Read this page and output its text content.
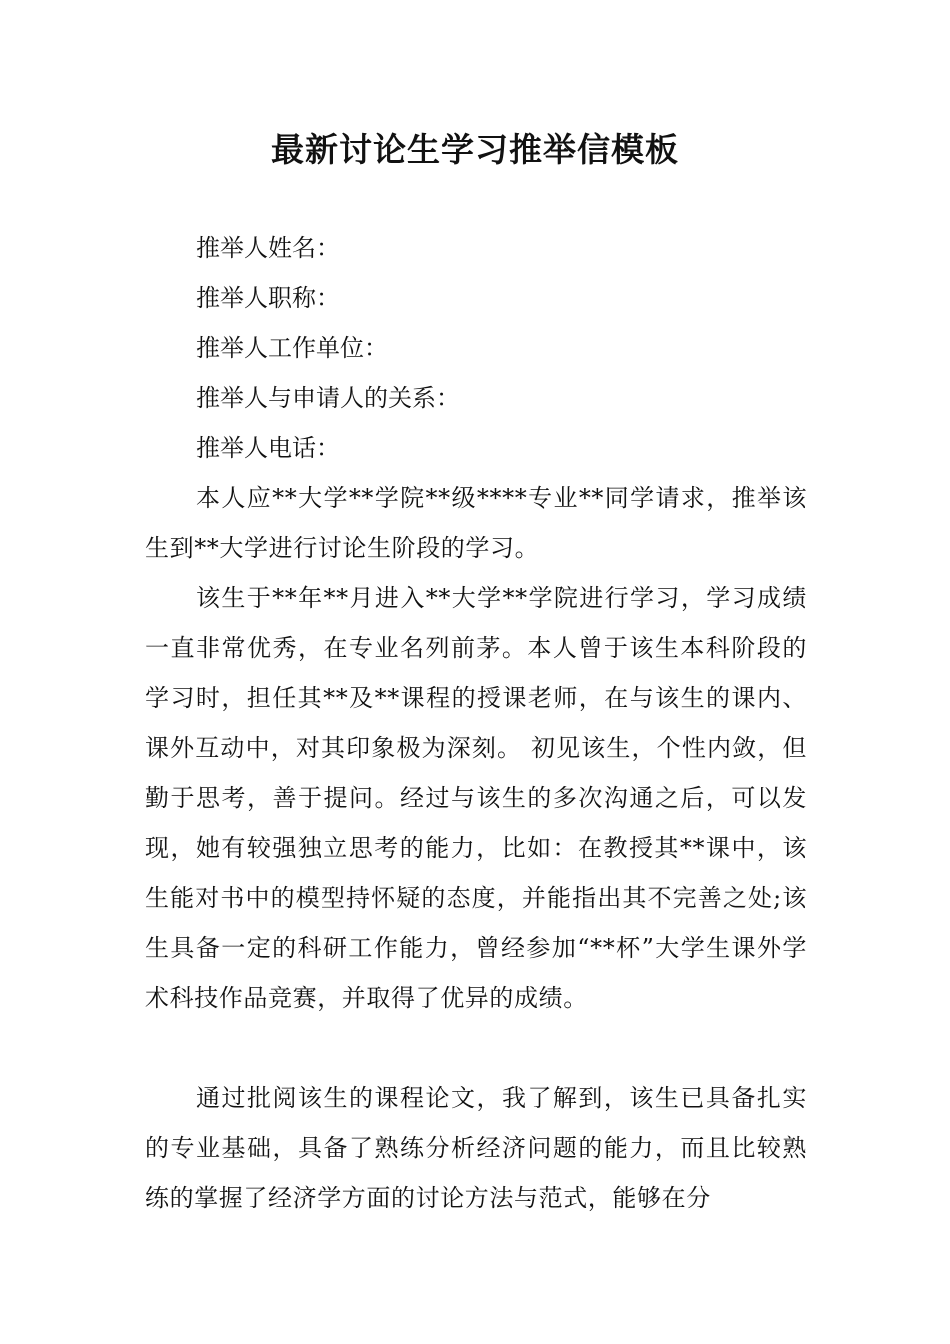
最新讨论生学习推举信模板
推举人姓名：
推举人职称：
推举人工作单位：
推举人与申请人的关系：
推举人电话：
本人应**大学**学院**级****专业**同学请求，推举该生到**大学进行讨论生阶段的学习。
该生于**年**月进入**大学**学院进行学习，学习成绩一直非常优秀，在专业名列前茅。本人曾于该生本科阶段的学习时，担任其**及**课程的授课老师，在与该生的课内、课外互动中，对其印象极为深刻。 初见该生，个性内敛，但勤于思考，善于提问。经过与该生的多次沟通之后，可以发现，她有较强独立思考的能力，比如：在教授其**课中，该生能对书中的模型持怀疑的态度，并能指出其不完善之处;该生具备一定的科研工作能力，曾经参加“**杯”大学生课外学术科技作品竞赛，并取得了优异的成绩。
通过批阅该生的课程论文，我了解到，该生已具备扎实的专业基础，具备了熟练分析经济问题的能力，而且比较熟练的掌握了经济学方面的讨论方法与范式，能够在分
